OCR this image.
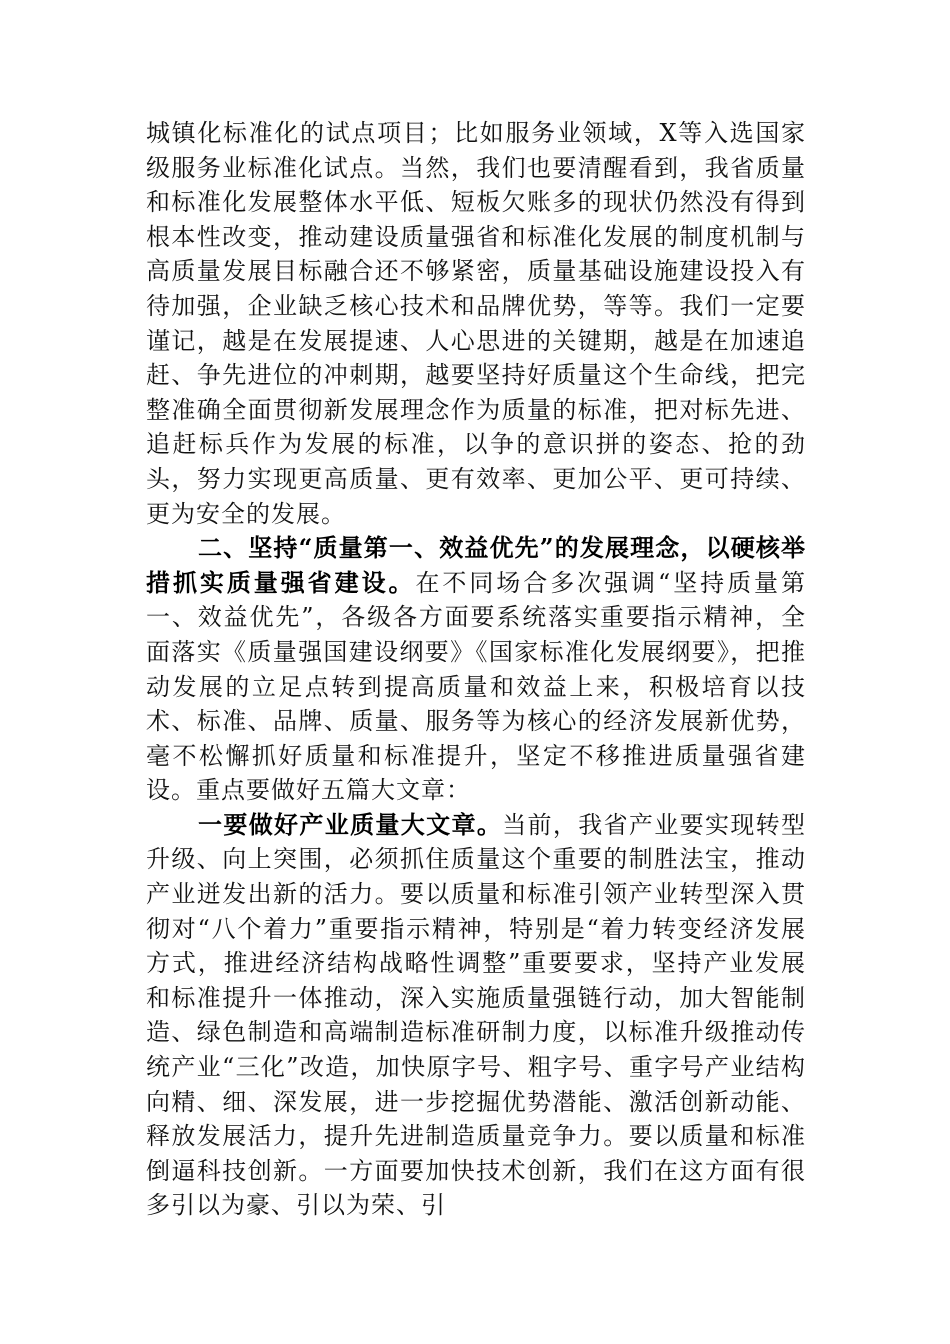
城镇化标准化的试点项目；比如服务业领域，X等入选国家级服务业标准化试点。当然，我们也要清醒看到，我省质量和标准化发展整体水平低、短板欠账多的现状仍然没有得到根本性改变，推动建设质量强省和标准化发展的制度机制与高质量发展目标融合还不够紧密，质量基础设施建设投入有待加强，企业缺乏核心技术和品牌优势，等等。我们一定要谨记，越是在发展提速、人心思进的关键期，越是在加速追赶、争先进位的冲刺期，越要坚持好质量这个生命线，把完整准确全面贯彻新发展理念作为质量的标准，把对标先进、追赶标兵作为发展的标准，以争的意识拼的姿态、抢的劲头，努力实现更高质量、更有效率、更加公平、更可持续、更为安全的发展。

二、坚持“质量第一、效益优先”的发展理念，以硬核举措抓实质量强省建设。在不同场合多次强调“坚持质量第一、效益优先”，各级各方面要系统落实重要指示精神，全面落实《质量强国建设纲要》《国家标准化发展纲要》，把推动发展的立足点转到提高质量和效益上来，积极培育以技术、标准、品牌、质量、服务等为核心的经济发展新优势，毫不松懈抓好质量和标准提升，坚定不移推进质量强省建设。重点要做好五篇大文章：

一要做好产业质量大文章。当前，我省产业要实现转型升级、向上突围，必须抓住质量这个重要的制胜法宝，推动产业迸发出新的活力。要以质量和标准引领产业转型深入贯彻对“八个着力”重要指示精神，特别是“着力转变经济发展方式，推进经济结构战略性调整”重要要求，坚持产业发展和标准提升一体推动，深入实施质量强链行动，加大智能制造、绿色制造和高端制造标准研制力度，以标准升级推动传统产业“三化”改造，加快原字号、粗字号、重字号产业结构向精、细、深发展，进一步挖掘优势潜能、激活创新动能、释放发展活力，提升先进制造质量竞争力。要以质量和标准倒逼科技创新。一方面要加快技术创新，我们在这方面有很多引以为豪、引以为荣、引
